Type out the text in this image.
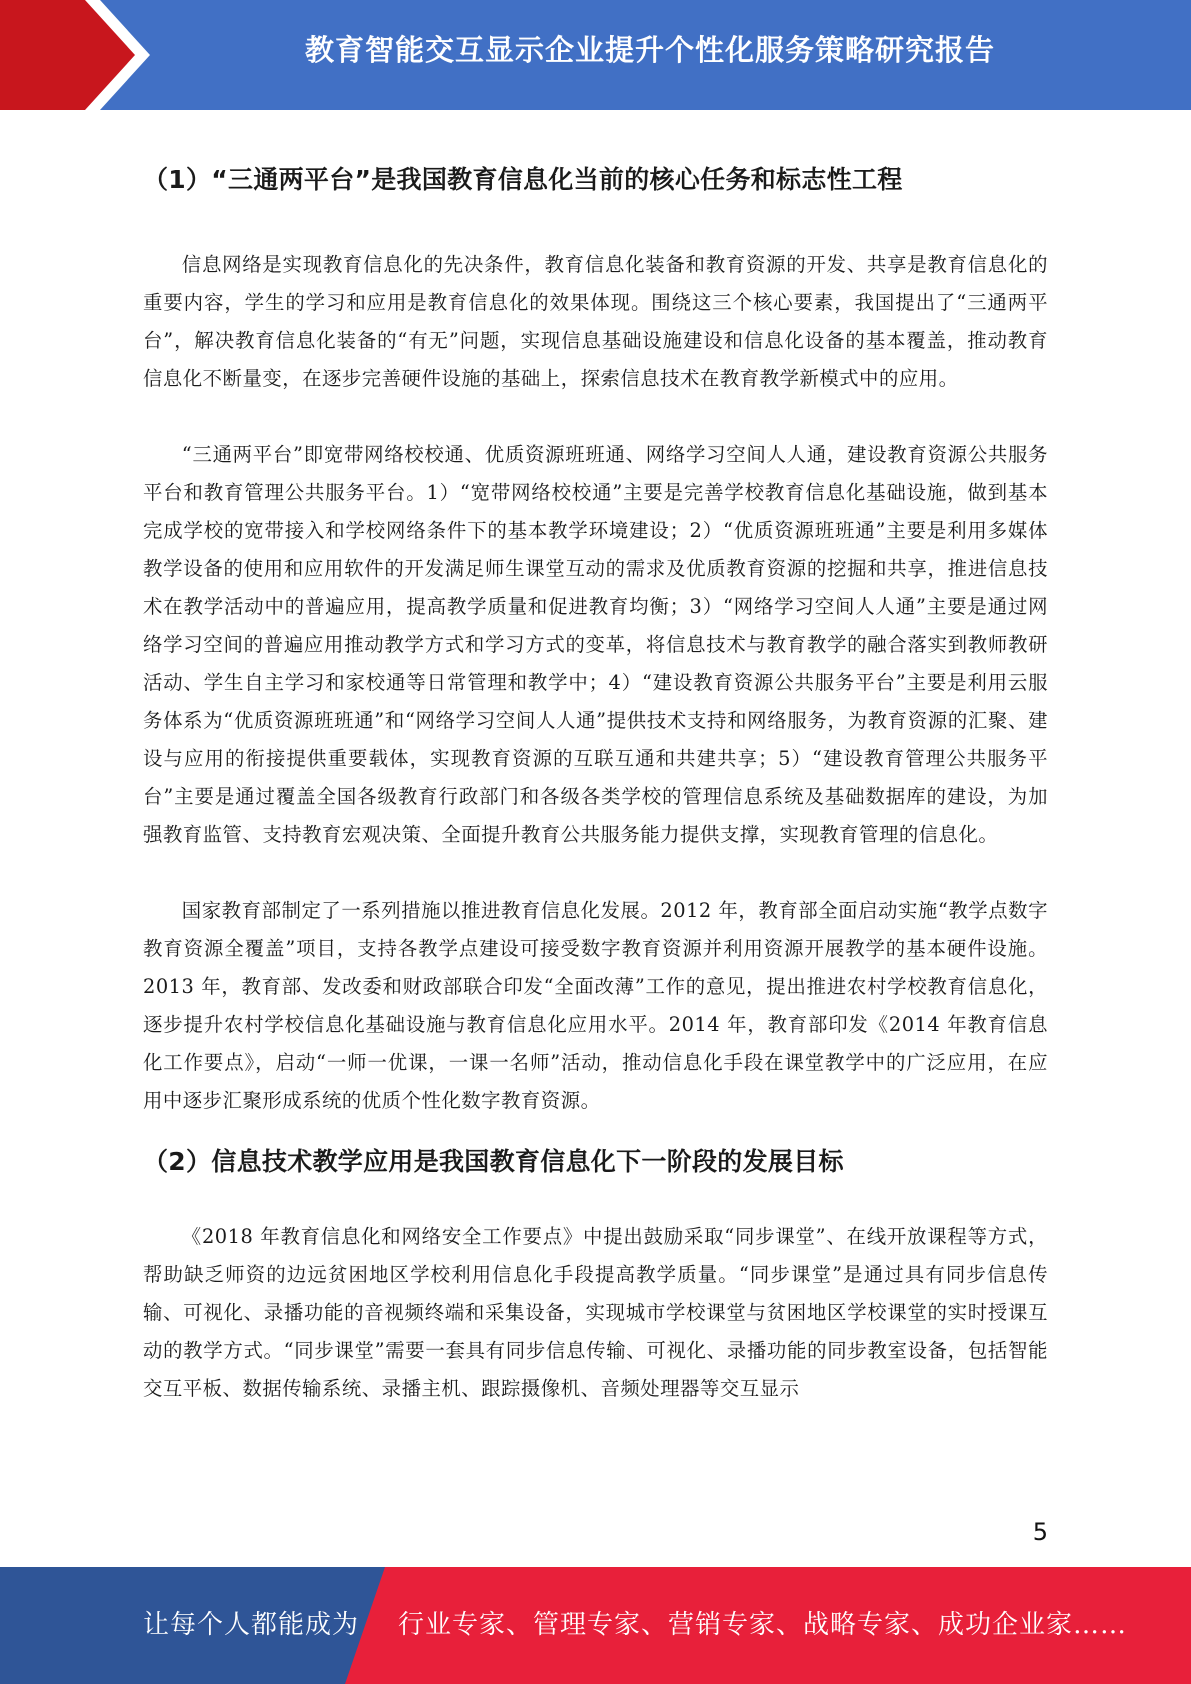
教育智能交互显示企业提升个性化服务策略研究报告
（1）“三通两平台”是我国教育信息化当前的核心任务和标志性工程

信息网络是实现教育信息化的先决条件，教育信息化装备和教育资源的开发、共享是教育信息化的重要内容，学生的学习和应用是教育信息化的效果体现。围绕这三个核心要素，我国提出了“三通两平台”，解决教育信息化装备的“有无”问题，实现信息基础设施建设和信息化设备的基本覆盖，推动教育信息化不断量变，在逐步完善硬件设施的基础上，探索信息技术在教育教学新模式中的应用。

“三通两平台”即宽带网络校校通、优质资源班班通、网络学习空间人人通，建设教育资源公共服务平台和教育管理公共服务平台。1）“宽带网络校校通”主要是完善学校教育信息化基础设施，做到基本完成学校的宽带接入和学校网络条件下的基本教学环境建设；2）“优质资源班班通”主要是利用多媒体教学设备的使用和应用软件的开发满足师生课堂互动的需求及优质教育资源的挖掘和共享，推进信息技术在教学活动中的普遍应用，提高教学质量和促进教育均衡；3）“网络学习空间人人通”主要是通过网络学习空间的普遍应用推动教学方式和学习方式的变革，将信息技术与教育教学的融合落实到教师教研活动、学生自主学习和家校通等日常管理和教学中；4）“建设教育资源公共服务平台”主要是利用云服务体系为“优质资源班班通”和“网络学习空间人人通”提供技术支持和网络服务，为教育资源的汇聚、建设与应用的衔接提供重要载体，实现教育资源的互联互通和共建共享；5）“建设教育管理公共服务平台”主要是通过覆盖全国各级教育行政部门和各级各类学校的管理信息系统及基础数据库的建设，为加强教育监管、支持教育宏观决策、全面提升教育公共服务能力提供支撑，实现教育管理的信息化。

国家教育部制定了一系列措施以推进教育信息化发展。2012 年，教育部全面启动实施“教学点数字教育资源全覆盖”项目，支持各教学点建设可接受数字教育资源并利用资源开展教学的基本硬件设施。2013 年，教育部、发改委和财政部联合印发“全面改薄”工作的意见，提出推进农村学校教育信息化，逐步提升农村学校信息化基础设施与教育信息化应用水平。2014 年，教育部印发《2014 年教育信息化工作要点》，启动“一师一优课，一课一名师”活动，推动信息化手段在课堂教学中的广泛应用，在应用中逐步汇聚形成系统的优质个性化数字教育资源。

（2）信息技术教学应用是我国教育信息化下一阶段的发展目标

《2018 年教育信息化和网络安全工作要点》中提出鼓励采取“同步课堂”、在线开放课程等方式，帮助缺乏师资的边远贫困地区学校利用信息化手段提高教学质量。“同步课堂”是通过具有同步信息传输、可视化、录播功能的音视频终端和采集设备，实现城市学校课堂与贫困地区学校课堂的实时授课互动的教学方式。“同步课堂”需要一套具有同步信息传输、可视化、录播功能的同步教室设备，包括智能交互平板、数据传输系统、录播主机、跟踪摄像机、音频处理器等交互显示

5
让每个人都能成为 行业专家、管理专家、营销专家、战略专家、成功企业家……
